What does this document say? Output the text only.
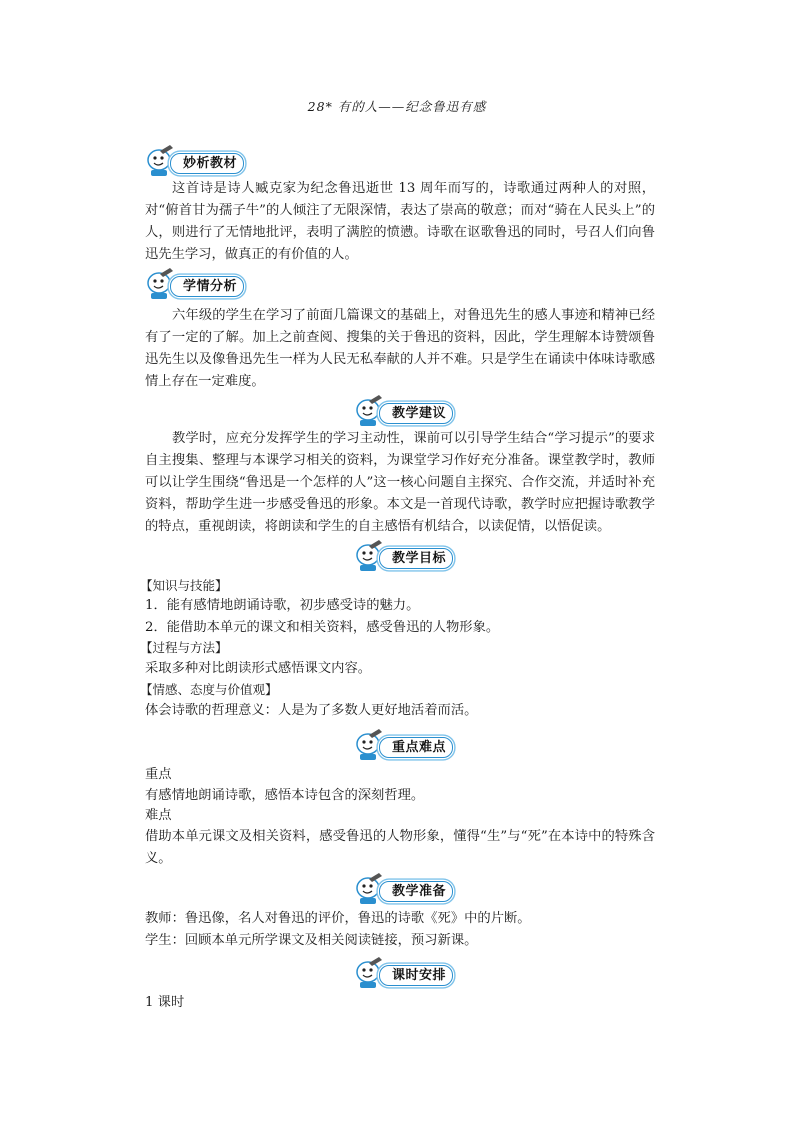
28* 有的人——纪念鲁迅有感
妙析教材
这首诗是诗人臧克家为纪念鲁迅逝世 13 周年而写的，诗歌通过两种人的对照，对“俯首甘为孺子牛”的人倾注了无限深情，表达了崇高的敬意；而对“骑在人民头上”的人，则进行了无情地批评，表明了满腔的愤懑。诗歌在讴歌鲁迅的同时，号召人们向鲁迅先生学习，做真正的有价值的人。
学情分析
六年级的学生在学习了前面几篇课文的基础上，对鲁迅先生的感人事迹和精神已经有了一定的了解。加上之前查阅、搜集的关于鲁迅的资料，因此，学生理解本诗赞颂鲁迅先生以及像鲁迅先生一样为人民无私奉献的人并不难。只是学生在诵读中体味诗歌感情上存在一定难度。
教学建议
教学时，应充分发挥学生的学习主动性，课前可以引导学生结合“学习提示”的要求自主搜集、整理与本课学习相关的资料，为课堂学习作好充分准备。课堂教学时，教师可以让学生围绕“鲁迅是一个怎样的人”这一核心问题自主探究、合作交流，并适时补充资料，帮助学生进一步感受鲁迅的形象。本文是一首现代诗歌，教学时应把握诗歌教学的特点，重视朗读，将朗读和学生的自主感悟有机结合，以读促情，以悟促读。
教学目标
【知识与技能】
1．能有感情地朗诵诗歌，初步感受诗的魅力。
2．能借助本单元的课文和相关资料，感受鲁迅的人物形象。
【过程与方法】
采取多种对比朗读形式感悟课文内容。
【情感、态度与价值观】
体会诗歌的哲理意义：人是为了多数人更好地活着而活。
重点难点
重点
有感情地朗诵诗歌，感悟本诗包含的深刻哲理。
难点
借助本单元课文及相关资料，感受鲁迅的人物形象，懂得“生”与“死”在本诗中的特殊含义。
教学准备
教师：鲁迅像，名人对鲁迅的评价，鲁迅的诗歌《死》中的片断。
学生：回顾本单元所学课文及相关阅读链接，预习新课。
课时安排
1 课时
